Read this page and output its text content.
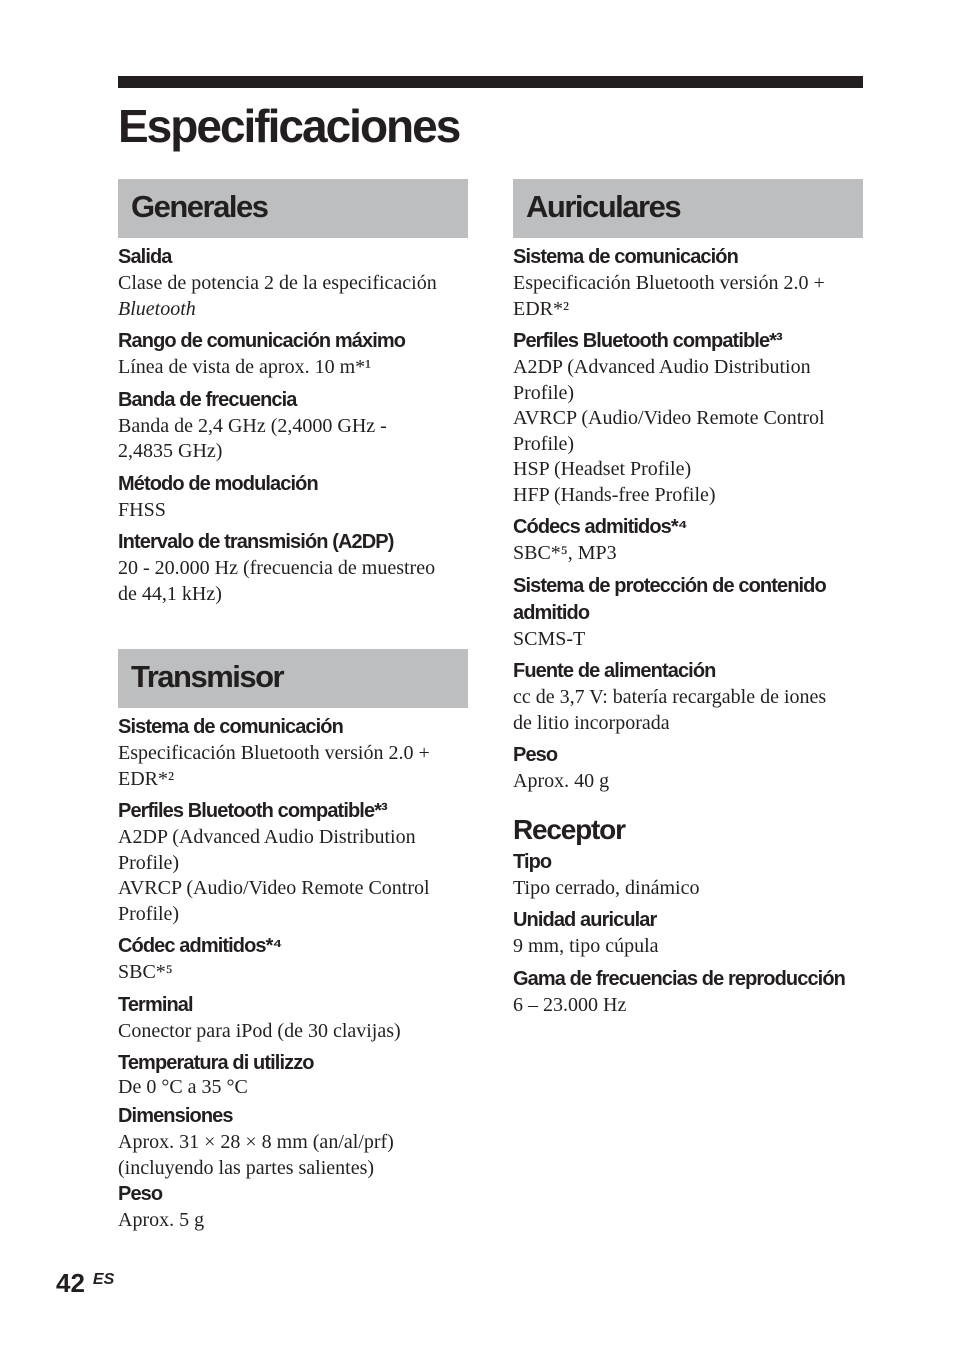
Especificaciones
Generales
Salida
Clase de potencia 2 de la especificación
Bluetooth
Rango de comunicación máximo
Línea de vista de aprox. 10 m*¹
Banda de frecuencia
Banda de 2,4 GHz (2,4000 GHz -
2,4835 GHz)
Método de modulación
FHSS
Intervalo de transmisión (A2DP)
20 - 20.000 Hz (frecuencia de muestreo
de 44,1 kHz)
Transmisor
Sistema de comunicación
Especificación Bluetooth versión 2.0 +
EDR*²
Perfiles Bluetooth compatible*³
A2DP (Advanced Audio Distribution
Profile)
AVRCP (Audio/Video Remote Control
Profile)
Códec admitidos*⁴
SBC*⁵
Terminal
Conector para iPod (de 30 clavijas)
Temperatura di utilizzo
De 0 °C a 35 °C
Dimensiones
Aprox. 31 × 28 × 8 mm (an/al/prf)
(incluyendo las partes salientes)
Peso
Aprox. 5 g
Auriculares
Sistema de comunicación
Especificación Bluetooth versión 2.0 +
EDR*²
Perfiles Bluetooth compatible*³
A2DP (Advanced Audio Distribution
Profile)
AVRCP (Audio/Video Remote Control
Profile)
HSP (Headset Profile)
HFP (Hands-free Profile)
Códecs admitidos*⁴
SBC*⁵, MP3
Sistema de protección de contenido
admitido
SCMS-T
Fuente de alimentación
cc de 3,7 V: batería recargable de iones
de litio incorporada
Peso
Aprox. 40 g
Receptor
Tipo
Tipo cerrado, dinámico
Unidad auricular
9 mm, tipo cúpula
Gama de frecuencias de reproducción
6 – 23.000 Hz
42 ES
